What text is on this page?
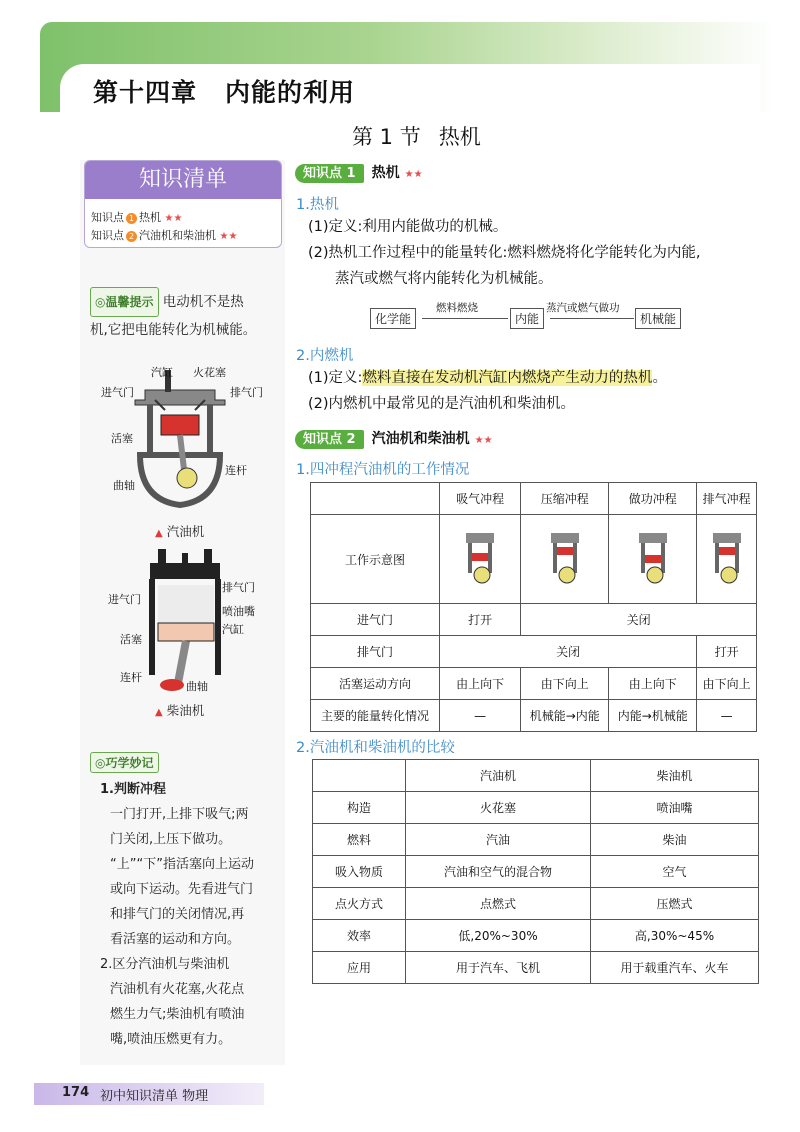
第十四章 内能的利用
第 1 节 热机
知识清单
知识点 1 热机 ★★
知识点 2 汽油机和柴油机 ★★
◎温馨提示 电动机不是热
机,它把电能转化为机械能。
汽缸 火花塞
进气门	排气门
活塞
连杆
曲轴
▲ 汽油机
排气门
进气门
喷油嘴
汽缸
活塞
连杆
曲轴
▲ 柴油机
◎巧学妙记
1.判断冲程
一门打开,上排下吸气;两
门关闭,上压下做功。
“上”“下”指活塞向上运动
或向下运动。先看进气门
和排气门的关闭情况,再
看活塞的运动和方向。
2.区分汽油机与柴油机
汽油机有火花塞,火花点
燃生力气;柴油机有喷油
嘴,喷油压燃更有力。
知识点 1 热机 ★★
1.热机
(1)定义:利用内能做功的机械。
(2)热机工作过程中的能量转化:燃料燃烧将化学能转化为内能,
蒸汽或燃气将内能转化为机械能。
化学能
燃料燃烧
内能
蒸汽或燃气做功
机械能
2.内燃机
(1)定义:燃料直接在发动机汽缸内燃烧产生动力的热机。
(2)内燃机中最常见的是汽油机和柴油机。
知识点 2 汽油机和柴油机 ★★
1.四冲程汽油机的工作情况
	吸气冲程	压缩冲程	做功冲程	排气冲程
工作示意图				
进气门	打开	关闭		
排气门	关闭			打开
活塞运动方向	由上向下	由下向上	由上向下	由下向上
主要的能量转化情况	—	机械能→内能	内能→机械能	—
2.汽油机和柴油机的比较
	汽油机	柴油机
构造	火花塞	喷油嘴
燃料	汽油	柴油
吸入物质	汽油和空气的混合物	空气
点火方式	点燃式	压燃式
效率	低,20%~30%	高,30%~45%
应用	用于汽车、飞机	用于载重汽车、火车
174 初中知识清单 物理
